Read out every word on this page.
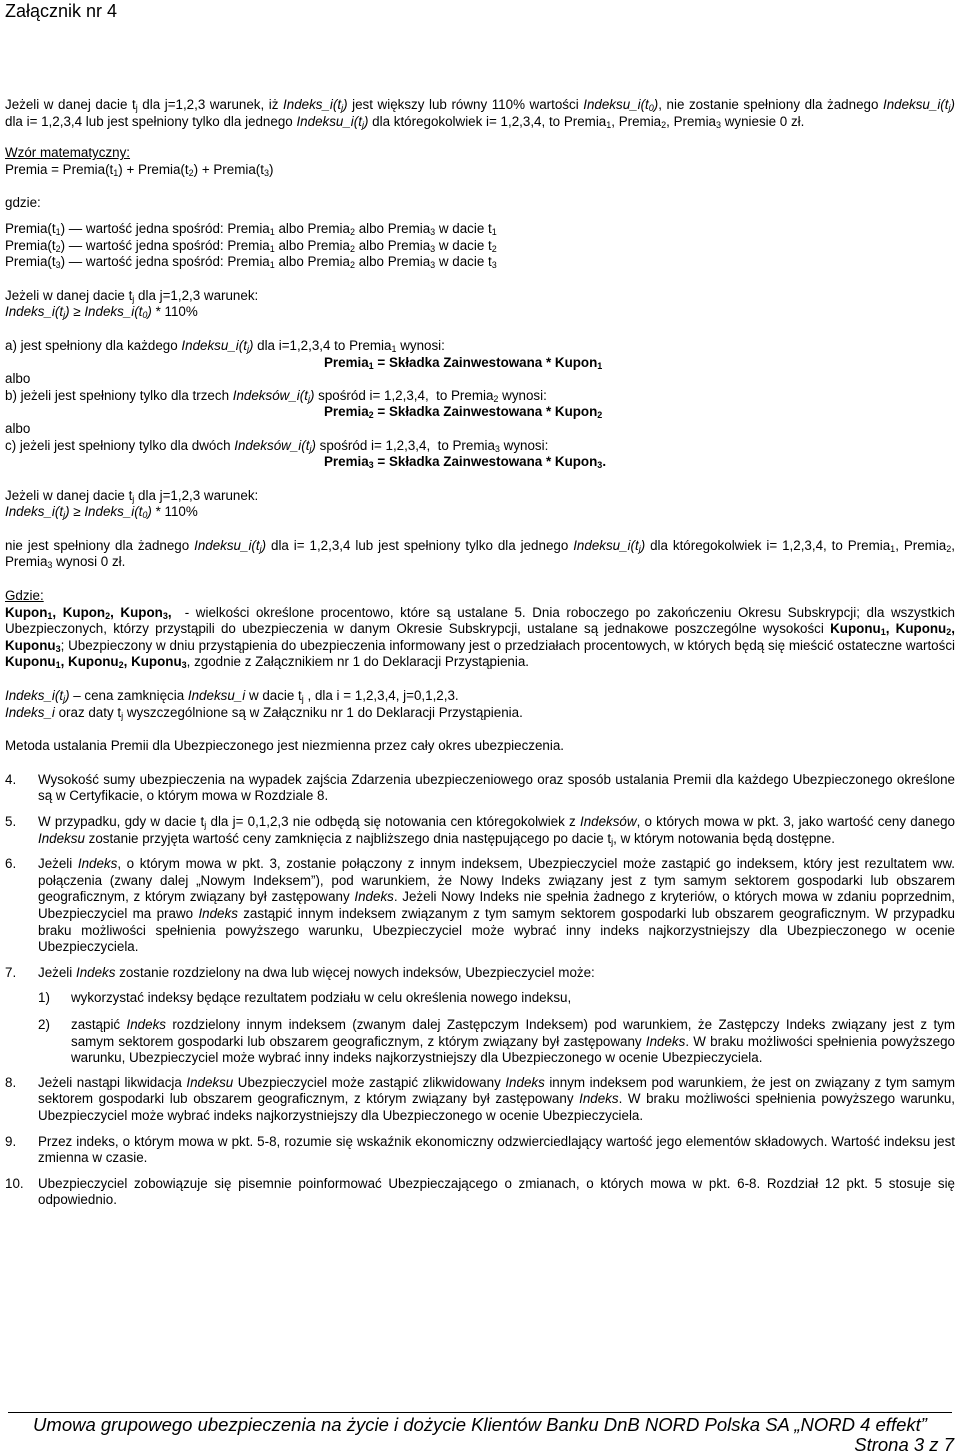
Załącznik nr 4

Jeżeli w danej dacie $t_j$ dla j=1,2,3 warunek, iż $Indeks\_i(t_j)$ jest większy lub równy 110% wartości $Indeksu\_i(t_0)$, nie zostanie spełniony dla żadnego $Indeksu\_i(t_j)$ dla i= 1,2,3,4 lub jest spełniony tylko dla jednego $Indeksu\_i(t_j)$ dla któregokolwiek i= 1,2,3,4, to Premia$_1$, Premia$_2$, Premia$_3$ wyniesie 0 zł.

Wzór matematyczny:

Premia = $Premia(t_1)$ + $Premia(t_2)$ + $Premia(t_3)$

gdzie:

$Premia(t_1)$ — wartość jedna spośród: Premia$_1$ albo Premia$_2$ albo Premia$_3$ w dacie $t_1$

$Premia(t_2)$ — wartość jedna spośród: Premia$_1$ albo Premia$_2$ albo Premia$_3$ w dacie $t_2$

$Premia(t_3)$ — wartość jedna spośród: Premia$_1$ albo Premia$_2$ albo Premia$_3$ w dacie $t_3$

Jeżeli w danej dacie $t_j$ dla j=1,2,3 warunek:

$Indeks\_i(t_j)$ ≥ $Indeks\_i(t_0) * 110\%$

a) jest spełniony dla każdego $Indeksu\_i(t_j)$ dla i=1,2,3,4 to Premia$_1$ wynosi:

Premia$_1$ = Składka Zainwestowana * Kupon$_1$

albo

b) jeżeli jest spełniony tylko dla trzech $Indeksów\_i(t_j)$ spośród i= 1,2,3,4,  to Premia$_2$ wynosi:

Premia$_2$ = Składka Zainwestowana * Kupon$_2$

albo

c) jeżeli jest spełniony tylko dla dwóch $Indeksów\_i(t_j)$ spośród i= 1,2,3,4,  to Premia$_3$ wynosi:

Premia$_3$ = Składka Zainwestowana * Kupon$_3$.

Jeżeli w danej dacie $t_j$ dla j=1,2,3 warunek:

$Indeks\_i(t_j)$ ≥ $Indeks\_i(t_0) * 110\%$

nie jest spełniony dla żadnego $Indeksu\_i(t_j)$ dla i= 1,2,3,4 lub jest spełniony tylko dla jednego $Indeksu\_i(t_j)$ dla któregokolwiek i= 1,2,3,4, to Premia$_1$, Premia$_2$, Premia$_3$ wynosi 0 zł.

Gdzie:

Kupon$_1$, Kupon$_2$, Kupon$_3$,  - wielkości określone procentowo, które są ustalane 5. Dnia roboczego po zakończeniu Okresu Subskrypcji; dla wszystkich Ubezpieczonych, którzy przystąpili do ubezpieczenia w danym Okresie Subskrypcji, ustalane są jednakowe poszczególne wysokości Kuponu$_1$, Kuponu$_2$, Kuponu$_3$; Ubezpieczony w dniu przystąpienia do ubezpieczenia informowany jest o przedziałach procentowych, w których będą się mieścić ostateczne wartości Kuponu$_1$, Kuponu$_2$, Kuponu$_3$, zgodnie z Załącznikiem nr 1 do Deklaracji Przystąpienia.

$Indeks\_i(t_j)$ – cena zamknięcia Indeksu_i w dacie $t_j$ , dla i = 1,2,3,4, j=0,1,2,3.

Indeks_i oraz daty $t_j$ wyszczególnione są w Załączniku nr 1 do Deklaracji Przystąpienia.

Metoda ustalania Premii dla Ubezpieczonego jest niezmienna przez cały okres ubezpieczenia.

4.	Wysokość sumy ubezpieczenia na wypadek zajścia Zdarzenia ubezpieczeniowego oraz sposób ustalania Premii dla każdego Ubezpieczonego określone są w Certyfikacie, o którym mowa w Rozdziale 8.
5.	W przypadku, gdy w dacie $t_j$ dla j= 0,1,2,3 nie odbędą się notowania cen któregokolwiek z Indeksów, o których mowa w pkt. 3, jako wartość ceny danego Indeksu zostanie przyjęta wartość ceny zamknięcia z najbliższego dnia następującego po dacie $t_j$, w którym notowania będą dostępne.
6.	Jeżeli Indeks, o którym mowa w pkt. 3, zostanie połączony z innym indeksem, Ubezpieczyciel może zastąpić go indeksem, który jest rezultatem ww. połączenia (zwany dalej „Nowym Indeksem”), pod warunkiem, że Nowy Indeks związany jest z tym samym sektorem gospodarki lub obszarem geograficznym, z którym związany był zastępowany Indeks. Jeżeli Nowy Indeks nie spełnia żadnego z kryteriów, o których mowa w zdaniu poprzednim, Ubezpieczyciel ma prawo Indeks zastąpić innym indeksem związanym z tym samym sektorem gospodarki lub obszarem geograficznym. W przypadku braku możliwości spełnienia powyższego warunku, Ubezpieczyciel może wybrać inny indeks najkorzystniejszy dla Ubezpieczonego w ocenie Ubezpieczyciela.
7.	Jeżeli Indeks zostanie rozdzielony na dwa lub więcej nowych indeksów, Ubezpieczyciel może:
1)	wykorzystać indeksy będące rezultatem podziału w celu określenia nowego indeksu,
2)	zastąpić Indeks rozdzielony innym indeksem (zwanym dalej Zastępczym Indeksem) pod warunkiem, że Zastępczy Indeks związany jest z tym samym sektorem gospodarki lub obszarem geograficznym, z którym związany był zastępowany Indeks. W braku możliwości spełnienia powyższego warunku, Ubezpieczyciel może wybrać inny indeks najkorzystniejszy dla Ubezpieczonego w ocenie Ubezpieczyciela.
8.	Jeżeli nastąpi likwidacja Indeksu Ubezpieczyciel może zastąpić zlikwidowany Indeks innym indeksem pod warunkiem, że jest on związany z tym samym sektorem gospodarki lub obszarem geograficznym, z którym związany był zastępowany Indeks. W braku możliwości spełnienia powyższego warunku, Ubezpieczyciel może wybrać indeks najkorzystniejszy dla Ubezpieczonego w ocenie Ubezpieczyciela.
9.	Przez indeks, o którym mowa w pkt. 5-8, rozumie się wskaźnik ekonomiczny odzwierciedlający wartość jego elementów składowych. Wartość indeksu jest zmienna w czasie.
10.	Ubezpieczyciel zobowiązuje się pisemnie poinformować Ubezpieczającego o zmianach, o których mowa w pkt. 6-8. Rozdział 12 pkt. 5 stosuje się odpowiednio.
Umowa grupowego ubezpieczenia na życie i dożycie Klientów Banku DnB NORD Polska SA „NORD 4 effekt”
Strona 3 z 7
